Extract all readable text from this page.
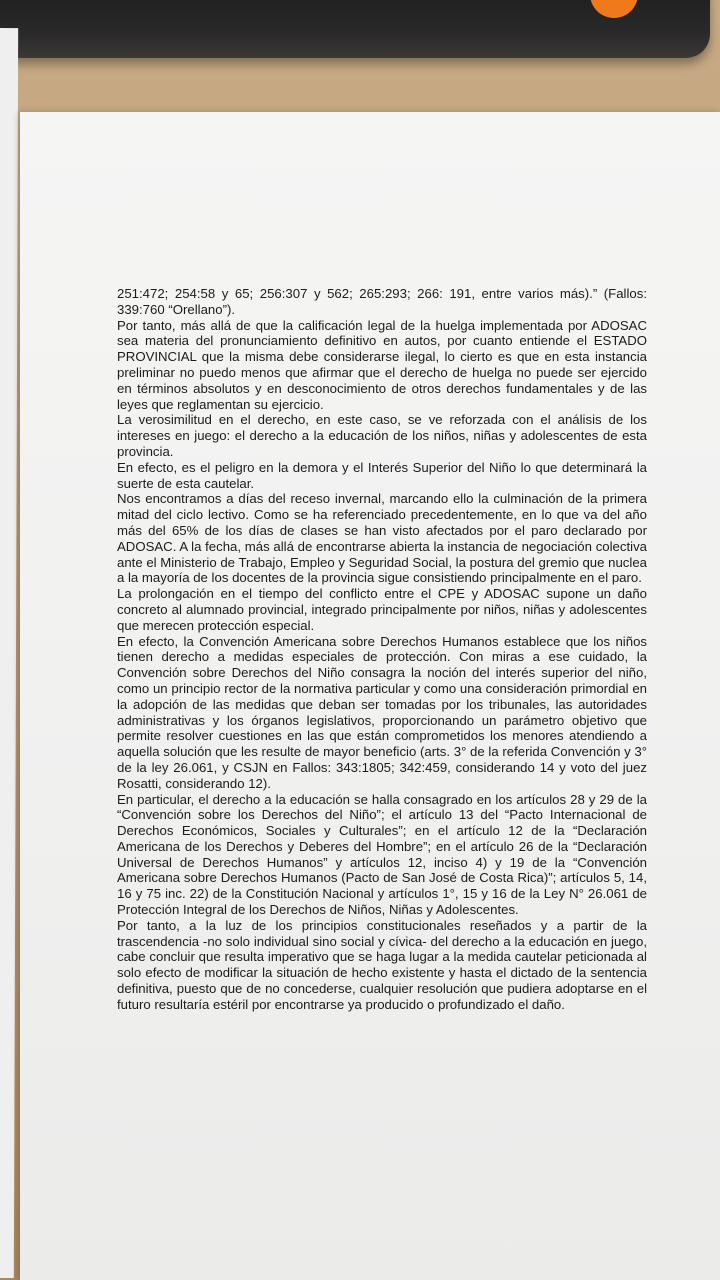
251:472; 254:58 y 65; 256:307 y 562; 265:293; 266: 191, entre varios más).” (Fallos: 339:760 “Orellano”).

Por tanto, más allá de que la calificación legal de la huelga implementada por ADOSAC sea materia del pronunciamiento definitivo en autos, por cuanto entiende el ESTADO PROVINCIAL que la misma debe considerarse ilegal, lo cierto es que en esta instancia preliminar no puedo menos que afirmar que el derecho de huelga no puede ser ejercido en términos absolutos y en desconocimiento de otros derechos fundamentales y de las leyes que reglamentan su ejercicio.

La verosimilitud en el derecho, en este caso, se ve reforzada con el análisis de los intereses en juego: el derecho a la educación de los niños, niñas y adolescentes de esta provincia.

En efecto, es el peligro en la demora y el Interés Superior del Niño lo que determinará la suerte de esta cautelar.

Nos encontramos a días del receso invernal, marcando ello la culminación de la primera mitad del ciclo lectivo. Como se ha referenciado precedentemente, en lo que va del año más del 65% de los días de clases se han visto afectados por el paro declarado por ADOSAC. A la fecha, más allá de encontrarse abierta la instancia de negociación colectiva ante el Ministerio de Trabajo, Empleo y Seguridad Social, la postura del gremio que nuclea a la mayoría de los docentes de la provincia sigue consistiendo principalmente en el paro.

La prolongación en el tiempo del conflicto entre el CPE y ADOSAC supone un daño concreto al alumnado provincial, integrado principalmente por niños, niñas y adolescentes que merecen protección especial.

En efecto, la Convención Americana sobre Derechos Humanos establece que los niños tienen derecho a medidas especiales de protección. Con miras a ese cuidado, la Convención sobre Derechos del Niño consagra la noción del interés superior del niño, como un principio rector de la normativa particular y como una consideración primordial en la adopción de las medidas que deban ser tomadas por los tribunales, las autoridades administrativas y los órganos legislativos, proporcionando un parámetro objetivo que permite resolver cuestiones en las que están comprometidos los menores atendiendo a aquella solución que les resulte de mayor beneficio (arts. 3° de la referida Convención y 3° de la ley 26.061, y CSJN en Fallos: 343:1805; 342:459, considerando 14 y voto del juez Rosatti, considerando 12).

En particular, el derecho a la educación se halla consagrado en los artículos 28 y 29 de la “Convención sobre los Derechos del Niño”; el artículo 13 del “Pacto Internacional de Derechos Económicos, Sociales y Culturales”; en el artículo 12 de la “Declaración Americana de los Derechos y Deberes del Hombre”; en el artículo 26 de la “Declaración Universal de Derechos Humanos” y artículos 12, inciso 4) y 19 de la “Convención Americana sobre Derechos Humanos (Pacto de San José de Costa Rica)”; artículos 5, 14, 16 y 75 inc. 22) de la Constitución Nacional y artículos 1°, 15 y 16 de la Ley N° 26.061 de Protección Integral de los Derechos de Niños, Niñas y Adolescentes.

Por tanto, a la luz de los principios constitucionales reseñados y a partir de la trascendencia -no solo individual sino social y cívica- del derecho a la educación en juego, cabe concluir que resulta imperativo que se haga lugar a la medida cautelar peticionada al solo efecto de modificar la situación de hecho existente y hasta el dictado de la sentencia definitiva, puesto que de no concederse, cualquier resolución que pudiera adoptarse en el futuro resultaría estéril por encontrarse ya producido o profundizado el daño.
